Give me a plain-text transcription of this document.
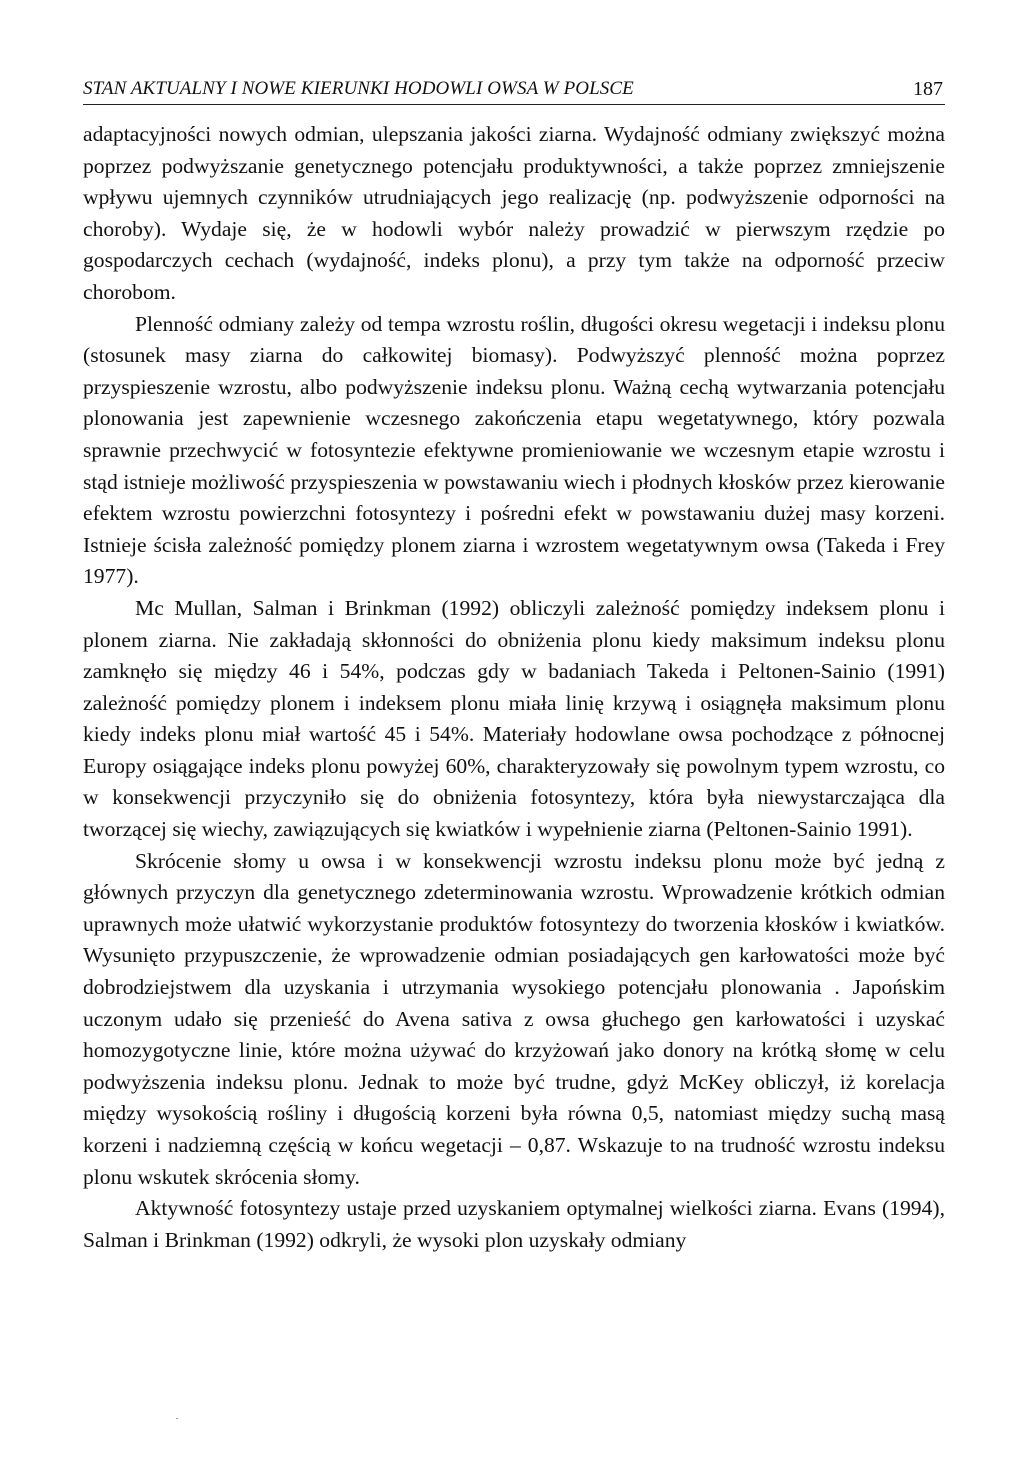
STAN AKTUALNY I NOWE KIERUNKI HODOWLI OWSA W POLSCE	187

adaptacyjności nowych odmian, ulepszania jakości ziarna. Wydajność odmiany zwiększyć można poprzez podwyższanie genetycznego potencjału produktywności, a także poprzez zmniejszenie wpływu ujemnych czynników utrudniających jego realizację (np. podwyższenie odporności na choroby). Wydaje się, że w hodowli wybór należy prowadzić w pierwszym rzędzie po gospodarczych cechach (wydajność, indeks plonu), a przy tym także na odporność przeciw chorobom.

Plenność odmiany zależy od tempa wzrostu roślin, długości okresu wegetacji i indeksu plonu (stosunek masy ziarna do całkowitej biomasy). Podwyższyć plenność można poprzez przyspieszenie wzrostu, albo podwyższenie indeksu plonu. Ważną cechą wytwarzania potencjału plonowania jest zapewnienie wczesnego zakończenia etapu wegetatywnego, który pozwala sprawnie przechwycić w fotosyntezie efektywne promieniowanie we wczesnym etapie wzrostu i stąd istnieje możliwość przyspieszenia w powstawaniu wiech i płodnych kłosków przez kierowanie efektem wzrostu powierzchni fotosyntezy i pośredni efekt w powstawaniu dużej masy korzeni. Istnieje ścisła zależność pomiędzy plonem ziarna i wzrostem wegetatywnym owsa (Takeda i Frey 1977).

Mc Mullan, Salman i Brinkman (1992) obliczyli zależność pomiędzy indeksem plonu i plonem ziarna. Nie zakładają skłonności do obniżenia plonu kiedy maksimum indeksu plonu zamknęło się między 46 i 54%, podczas gdy w badaniach Takeda i Peltonen-Sainio (1991) zależność pomiędzy plonem i indeksem plonu miała linię krzywą i osiągnęła maksimum plonu kiedy indeks plonu miał wartość 45 i 54%. Materiały hodowlane owsa pochodzące z północnej Europy osiągające indeks plonu powyżej 60%, charakteryzowały się powolnym typem wzrostu, co w konsekwencji przyczyniło się do obniżenia fotosyntezy, która była niewystarczająca dla tworzącej się wiechy, zawiązujących się kwiatków i wypełnienie ziarna (Peltonen-Sainio 1991).

Skrócenie słomy u owsa i w konsekwencji wzrostu indeksu plonu może być jedną z głównych przyczyn dla genetycznego zdeterminowania wzrostu. Wprowadzenie krótkich odmian uprawnych może ułatwić wykorzystanie produktów fotosyntezy do tworzenia kłosków i kwiatków. Wysunięto przypuszczenie, że wprowadzenie odmian posiadających gen karłowatości może być dobrodziejstwem dla uzyskania i utrzymania wysokiego potencjału plonowania . Japońskim uczonym udało się przenieść do Avena sativa z owsa głuchego gen karłowatości i uzyskać homozygotyczne linie, które można używać do krzyżowań jako donory na krótką słomę w celu podwyższenia indeksu plonu. Jednak to może być trudne, gdyż McKey obliczył, iż korelacja między wysokością rośliny i długością korzeni była równa 0,5, natomiast między suchą masą korzeni i nadziemną częścią w końcu wegetacji – 0,87. Wskazuje to na trudność wzrostu indeksu plonu wskutek skrócenia słomy.

Aktywność fotosyntezy ustaje przed uzyskaniem optymalnej wielkości ziarna. Evans (1994), Salman i Brinkman (1992) odkryli, że wysoki plon uzyskały odmiany
